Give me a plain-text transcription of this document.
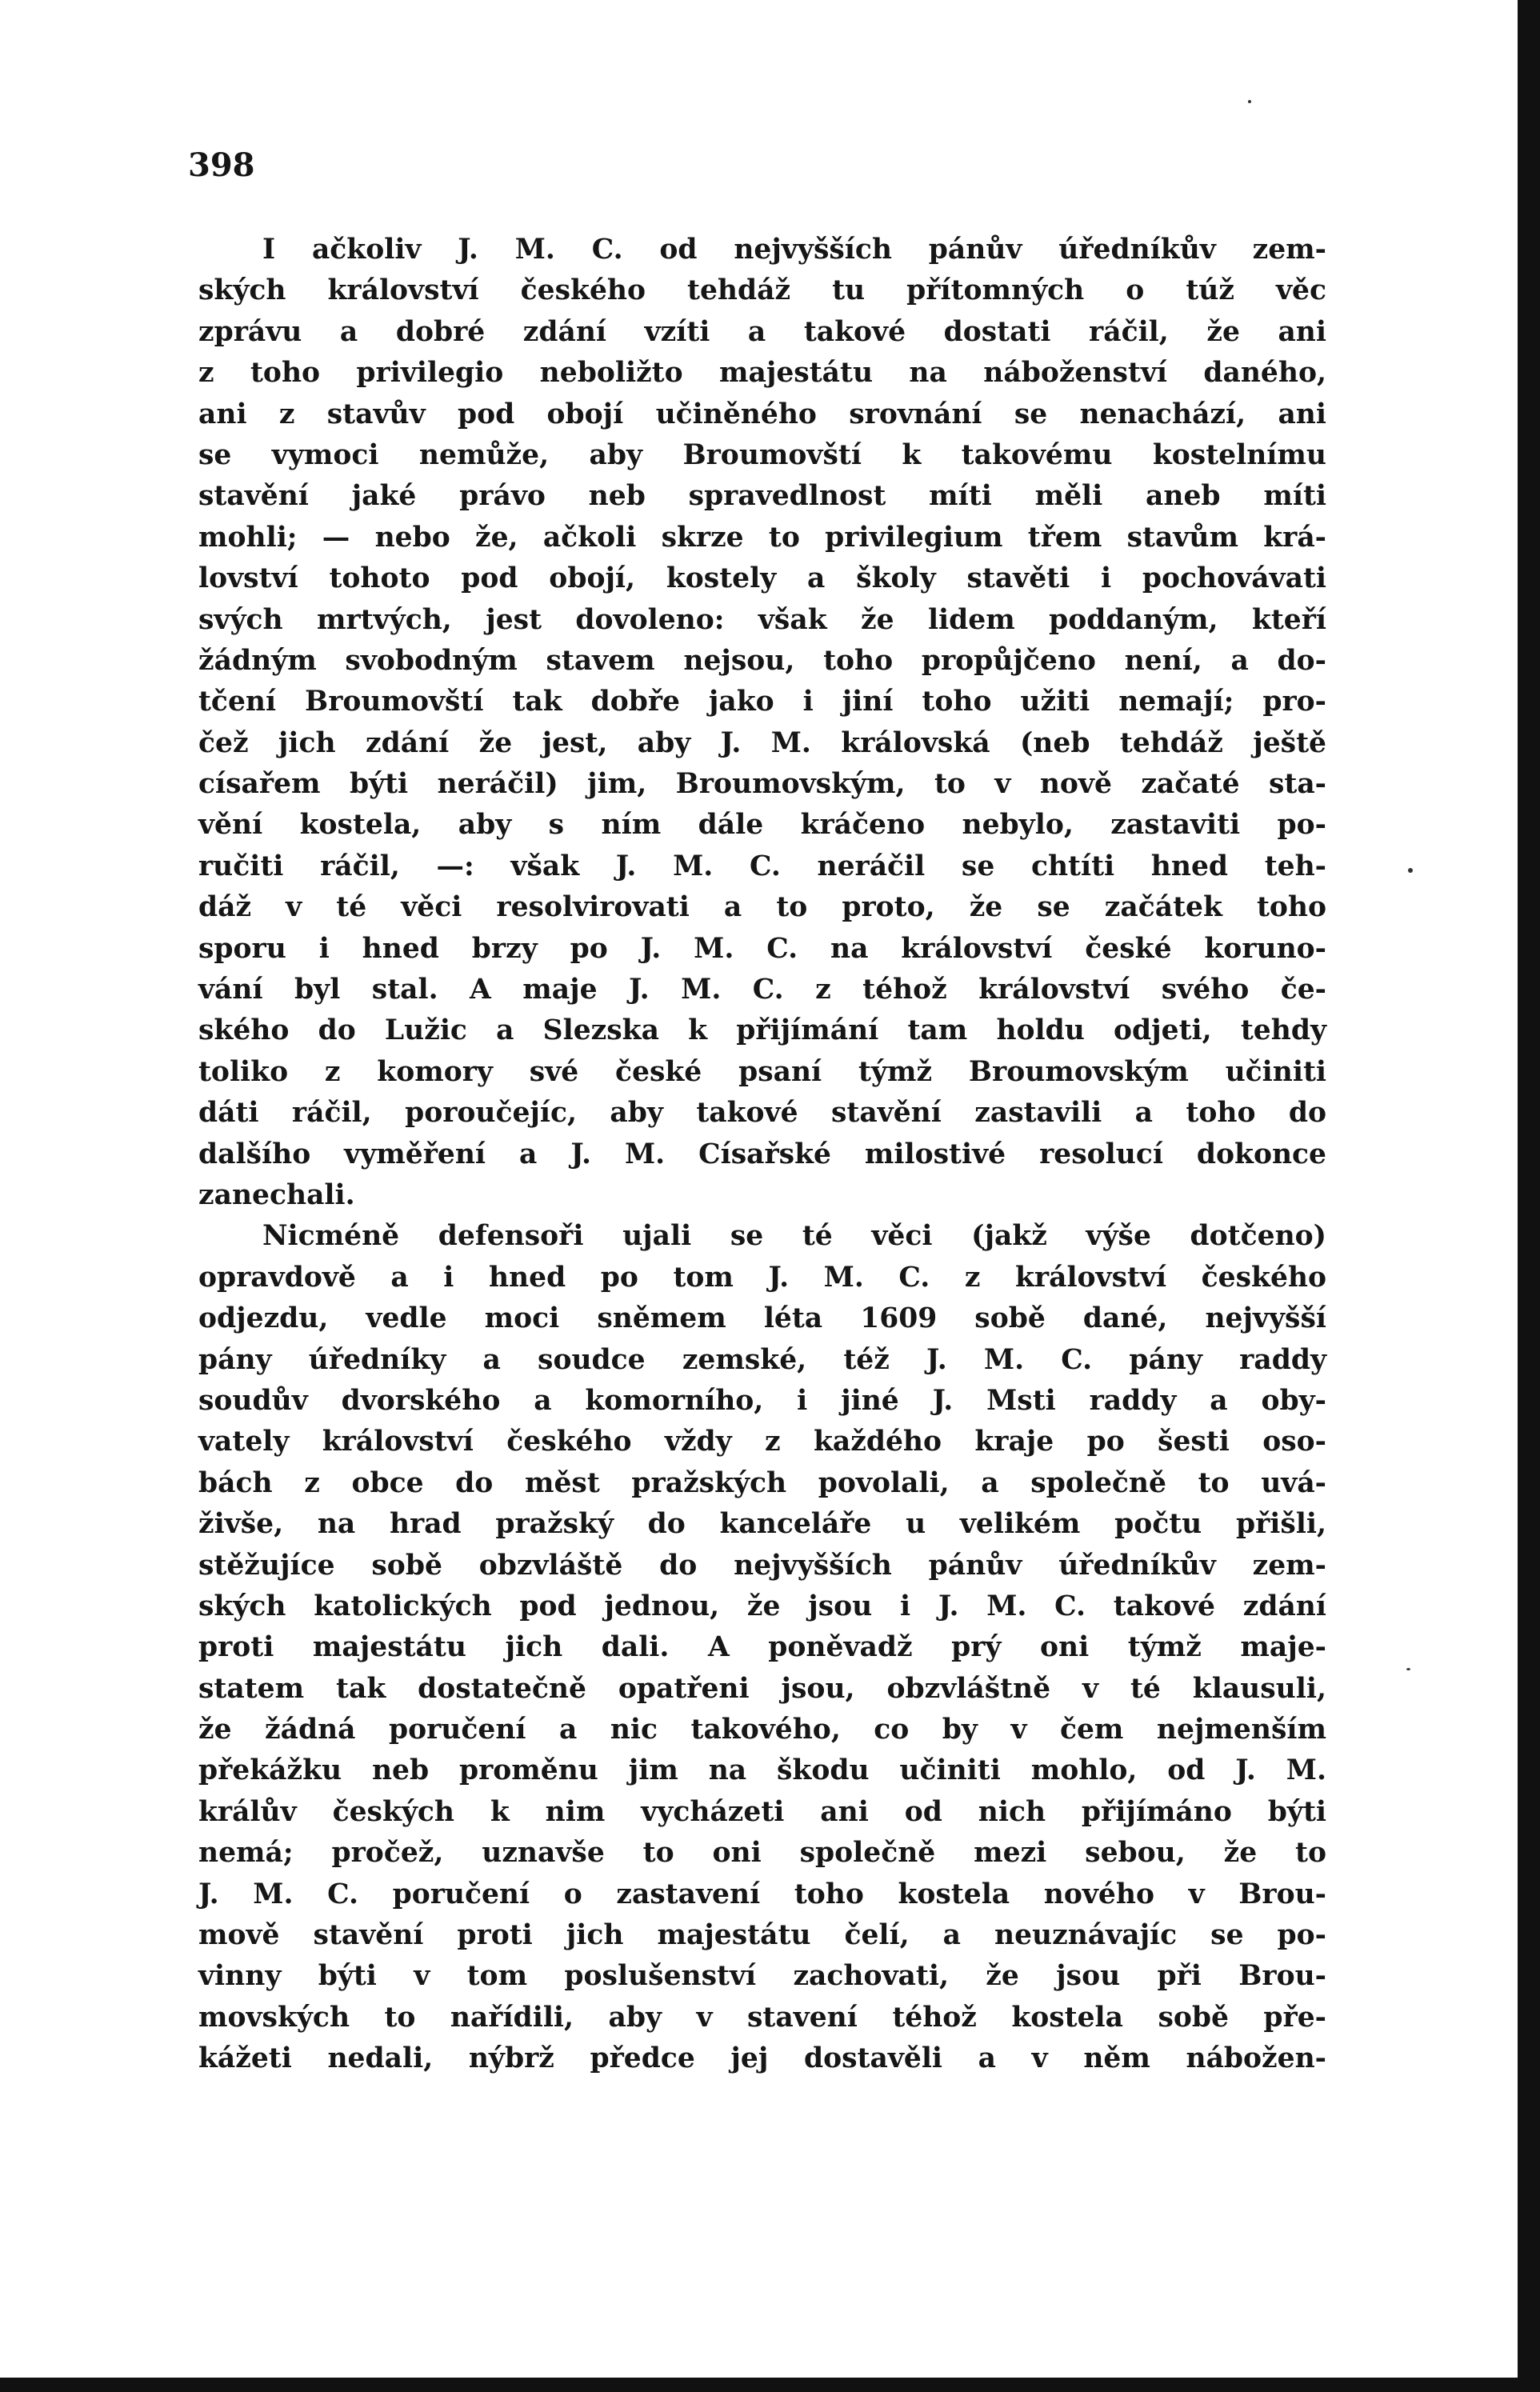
398
I ačkoliv J. M. C. od nejvyšších pánův úředníkův zem-
ských království českého tehdáž tu přítomných o túž věc
zprávu a dobré zdání vzíti a takové dostati ráčil, že ani
z toho privilegio neboližto majestátu na náboženství daného,
ani z stavův pod obojí učiněného srovnání se nenachází, ani
se vymoci nemůže, aby Broumovští k takovému kostelnímu
stavění jaké právo neb spravedlnost míti měli aneb míti
mohli; — nebo že, ačkoli skrze to privilegium třem stavům krá-
lovství tohoto pod obojí, kostely a školy stavěti i pochovávati
svých mrtvých, jest dovoleno: však že lidem poddaným, kteří
žádným svobodným stavem nejsou, toho propůjčeno není, a do-
tčení Broumovští tak dobře jako i jiní toho užiti nemají; pro-
čež jich zdání že jest, aby J. M. královská (neb tehdáž ještě
císařem býti neráčil) jim, Broumovským, to v nově začaté sta-
vění kostela, aby s ním dále kráčeno nebylo, zastaviti po-
ručiti ráčil, —: však J. M. C. neráčil se chtíti hned teh-
dáž v té věci resolvirovati a to proto, že se začátek toho
sporu i hned brzy po J. M. C. na království české koruno-
vání byl stal. A maje J. M. C. z téhož království svého če-
ského do Lužic a Slezska k přijímání tam holdu odjeti, tehdy
toliko z komory své české psaní týmž Broumovským učiniti
dáti ráčil, poroučejíc, aby takové stavění zastavili a toho do
dalšího vyměření a J. M. Císařské milostivé resolucí dokonce
zanechali.
Nicméně defensoři ujali se té věci (jakž výše dotčeno)
opravdově a i hned po tom J. M. C. z království českého
odjezdu, vedle moci sněmem léta 1609 sobě dané, nejvyšší
pány úředníky a soudce zemské, též J. M. C. pány raddy
soudův dvorského a komorního, i jiné J. Msti raddy a oby-
vately království českého vždy z každého kraje po šesti oso-
bách z obce do měst pražských povolali, a společně to uvá-
živše, na hrad pražský do kanceláře u velikém počtu přišli,
stěžujíce sobě obzvláště do nejvyšších pánův úředníkův zem-
ských katolických pod jednou, že jsou i J. M. C. takové zdání
proti majestátu jich dali. A poněvadž prý oni týmž maje-
statem tak dostatečně opatřeni jsou, obzvláštně v té klausuli,
že žádná poručení a nic takového, co by v čem nejmenším
překážku neb proměnu jim na škodu učiniti mohlo, od J. M.
králův českých k nim vycházeti ani od nich přijímáno býti
nemá; pročež, uznavše to oni společně mezi sebou, že to
J. M. C. poručení o zastavení toho kostela nového v Brou-
mově stavění proti jich majestátu čelí, a neuznávajíc se po-
vinny býti v tom poslušenství zachovati, že jsou při Brou-
movských to nařídili, aby v stavení téhož kostela sobě pře-
kážeti nedali, nýbrž předce jej dostavěli a v něm nábožen-
